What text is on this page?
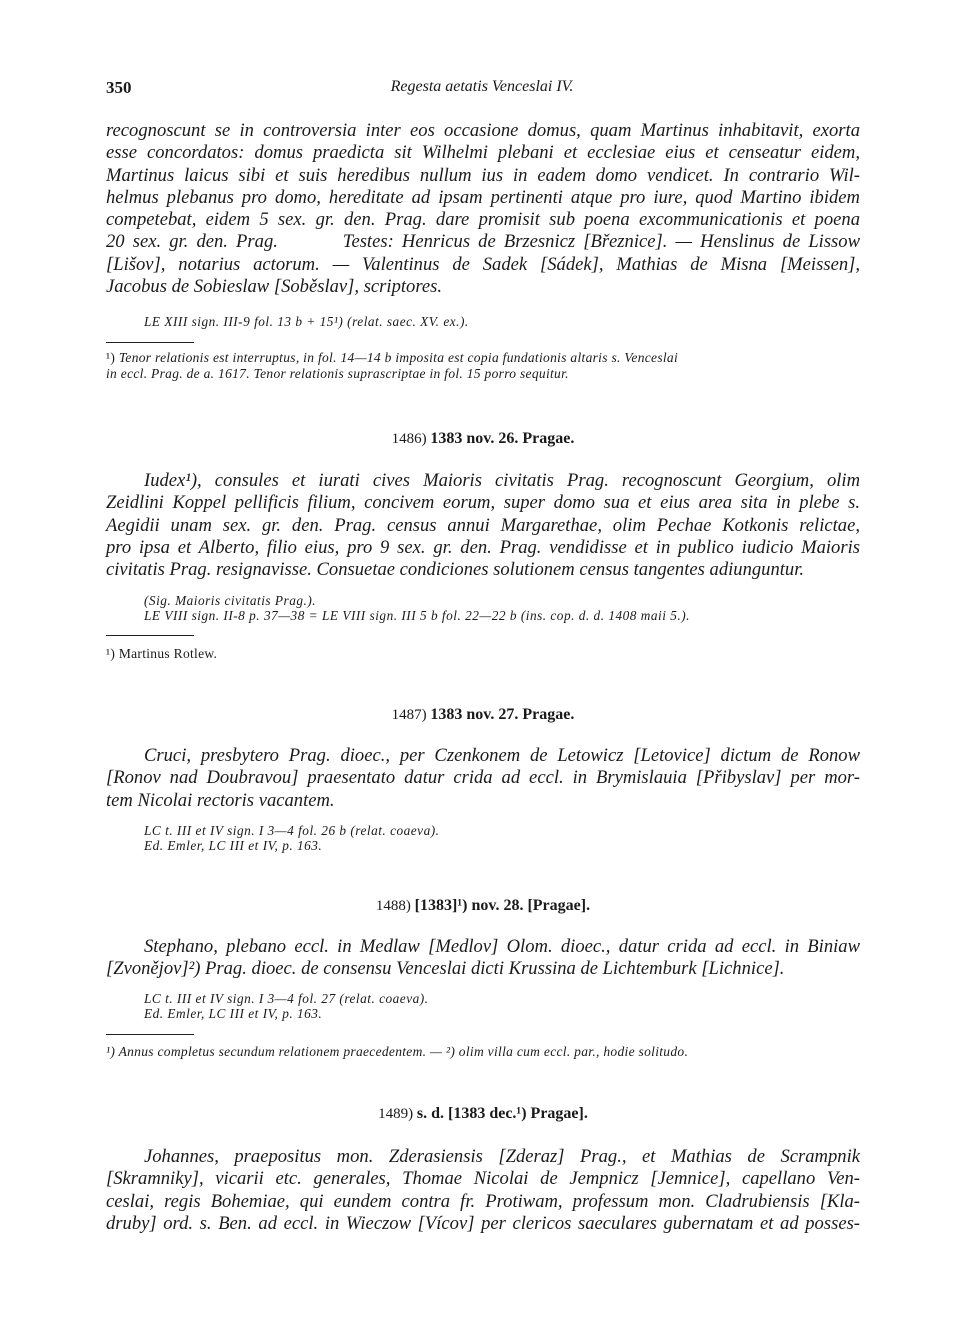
350	Regesta aetatis Venceslai IV.

recognoscunt se in controversia inter eos occasione domus, quam Martinus inhabitavit, exorta
esse concordatos: domus praedicta sit Wilhelmi plebani et ecclesiae eius et censeatur eidem,
Martinus laicus sibi et suis heredibus nullum ius in eadem domo vendicet. In contrario Wil-
helmus plebanus pro domo, hereditate ad ipsam pertinenti atque pro iure, quod Martino ibidem
competebat, eidem 5 sex. gr. den. Prag. dare promisit sub poena excommunicationis et poena
20 sex. gr. den. Prag.        Testes: Henricus de Brzesnicz [Březnice]. — Henslinus de Lissow
[Lišov], notarius actorum. — Valentinus de Sadek [Sádek], Mathias de Misna [Meissen],
Jacobus de Sobieslaw [Soběslav], scriptores.

LE XIII sign. III-9 fol. 13 b + 15¹) (relat. saec. XV. ex.).

¹) Tenor relationis est interruptus, in fol. 14—14 b imposita est copia fundationis altaris s. Venceslai
in eccl. Prag. de a. 1617. Tenor relationis suprascriptae in fol. 15 porro sequitur.
1486) 1383 nov. 26. Pragae.

Iudex¹), consules et iurati cives Maioris civitatis Prag. recognoscunt Georgium, olim
Zeidlini Koppel pellificis filium, concivem eorum, super domo sua et eius area sita in plebe s.
Aegidii unam sex. gr. den. Prag. census annui Margarethae, olim Pechae Kotkonis relictae,
pro ipsa et Alberto, filio eius, pro 9 sex. gr. den. Prag. vendidisse et in publico iudicio Maioris
civitatis Prag. resignavisse. Consuetae condiciones solutionem census tangentes adiunguntur.

(Sig. Maioris civitatis Prag.).

LE VIII sign. II-8 p. 37—38 = LE VIII sign. III 5 b fol. 22—22 b (ins. cop. d. d. 1408 maii 5.).

¹) Martinus Rotlew.
1487) 1383 nov. 27. Pragae.

Cruci, presbytero Prag. dioec., per Czenkonem de Letowicz [Letovice] dictum de Ronow
[Ronov nad Doubravou] praesentato datur crida ad eccl. in Brymislauia [Přibyslav] per mor-
tem Nicolai rectoris vacantem.

LC t. III et IV sign. I 3—4 fol. 26 b (relat. coaeva).

Ed. Emler, LC III et IV, p. 163.

1488) [1383]¹) nov. 28. [Pragae].

Stephano, plebano eccl. in Medlaw [Medlov] Olom. dioec., datur crida ad eccl. in Biniaw
[Zvonějov]²) Prag. dioec. de consensu Venceslai dicti Krussina de Lichtemburk [Lichnice].

LC t. III et IV sign. I 3—4 fol. 27 (relat. coaeva).

Ed. Emler, LC III et IV, p. 163.

¹) Annus completus secundum relationem praecedentem. — ²) olim villa cum eccl. par., hodie solitudo.
1489) s. d. [1383 dec.¹) Pragae].

Johannes, praepositus mon. Zderasiensis [Zderaz] Prag., et Mathias de Scrampnik
[Skramniky], vicarii etc. generales, Thomae Nicolai de Jempnicz [Jemnice], capellano Ven-
ceslai, regis Bohemiae, qui eundem contra fr. Protiwam, professum mon. Cladrubiensis [Kla-
druby] ord. s. Ben. ad eccl. in Wieczow [Vícov] per clericos saeculares gubernatam et ad posses-
